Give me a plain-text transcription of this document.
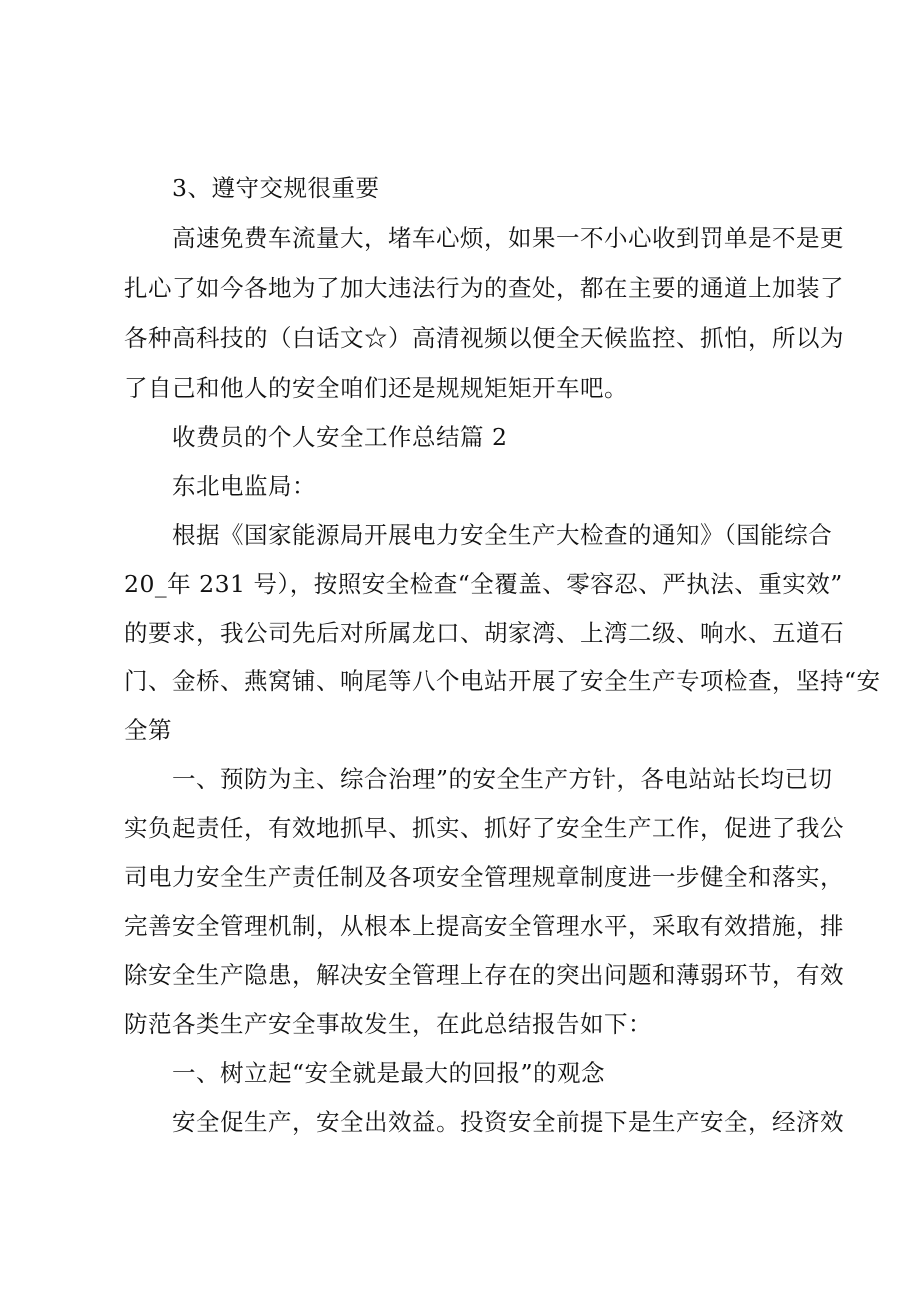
3、遵守交规很重要
高速免费车流量大，堵车心烦，如果一不小心收到罚单是不是更
扎心了如今各地为了加大违法行为的查处，都在主要的通道上加装了
各种高科技的（白话文☆）高清视频以便全天候监控、抓怕，所以为
了自己和他人的安全咱们还是规规矩矩开车吧。
收费员的个人安全工作总结篇 2
东北电监局：
根据《国家能源局开展电力安全生产大检查的通知》（国能综合
20_年 231 号），按照安全检查“全覆盖、零容忍、严执法、重实效”
的要求，我公司先后对所属龙口、胡家湾、上湾二级、响水、五道石
门、金桥、燕窝铺、响尾等八个电站开展了安全生产专项检查，坚持“安
全第
一、预防为主、综合治理”的安全生产方针，各电站站长均已切
实负起责任，有效地抓早、抓实、抓好了安全生产工作，促进了我公
司电力安全生产责任制及各项安全管理规章制度进一步健全和落实，
完善安全管理机制，从根本上提高安全管理水平，采取有效措施，排
除安全生产隐患，解决安全管理上存在的突出问题和薄弱环节，有效
防范各类生产安全事故发生，在此总结报告如下：
一、树立起“安全就是最大的回报”的观念
安全促生产，安全出效益。投资安全前提下是生产安全，经济效
